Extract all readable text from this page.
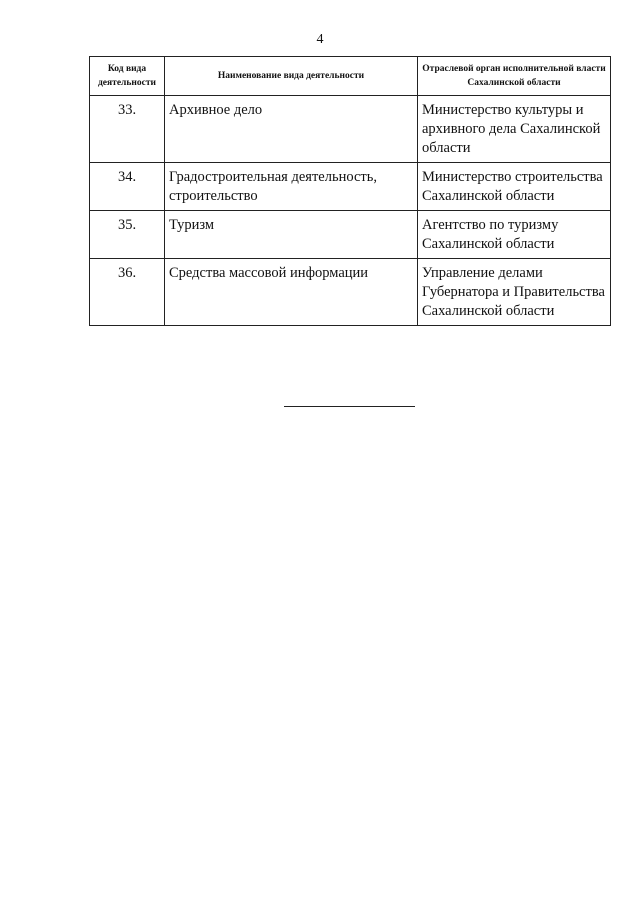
4
Код вида деятельности	Наименование вида деятельности	Отраслевой орган исполнительной власти Сахалинской области
33.	Архивное дело	Министерство культуры и архивного дела Сахалинской области
34.	Градостроительная деятельность, строительство	Министерство строительства Сахалинской области
35.	Туризм	Агентство по туризму Сахалинской области
36.	Средства массовой информации	Управление делами Губернатора и Правительства Сахалинской области
